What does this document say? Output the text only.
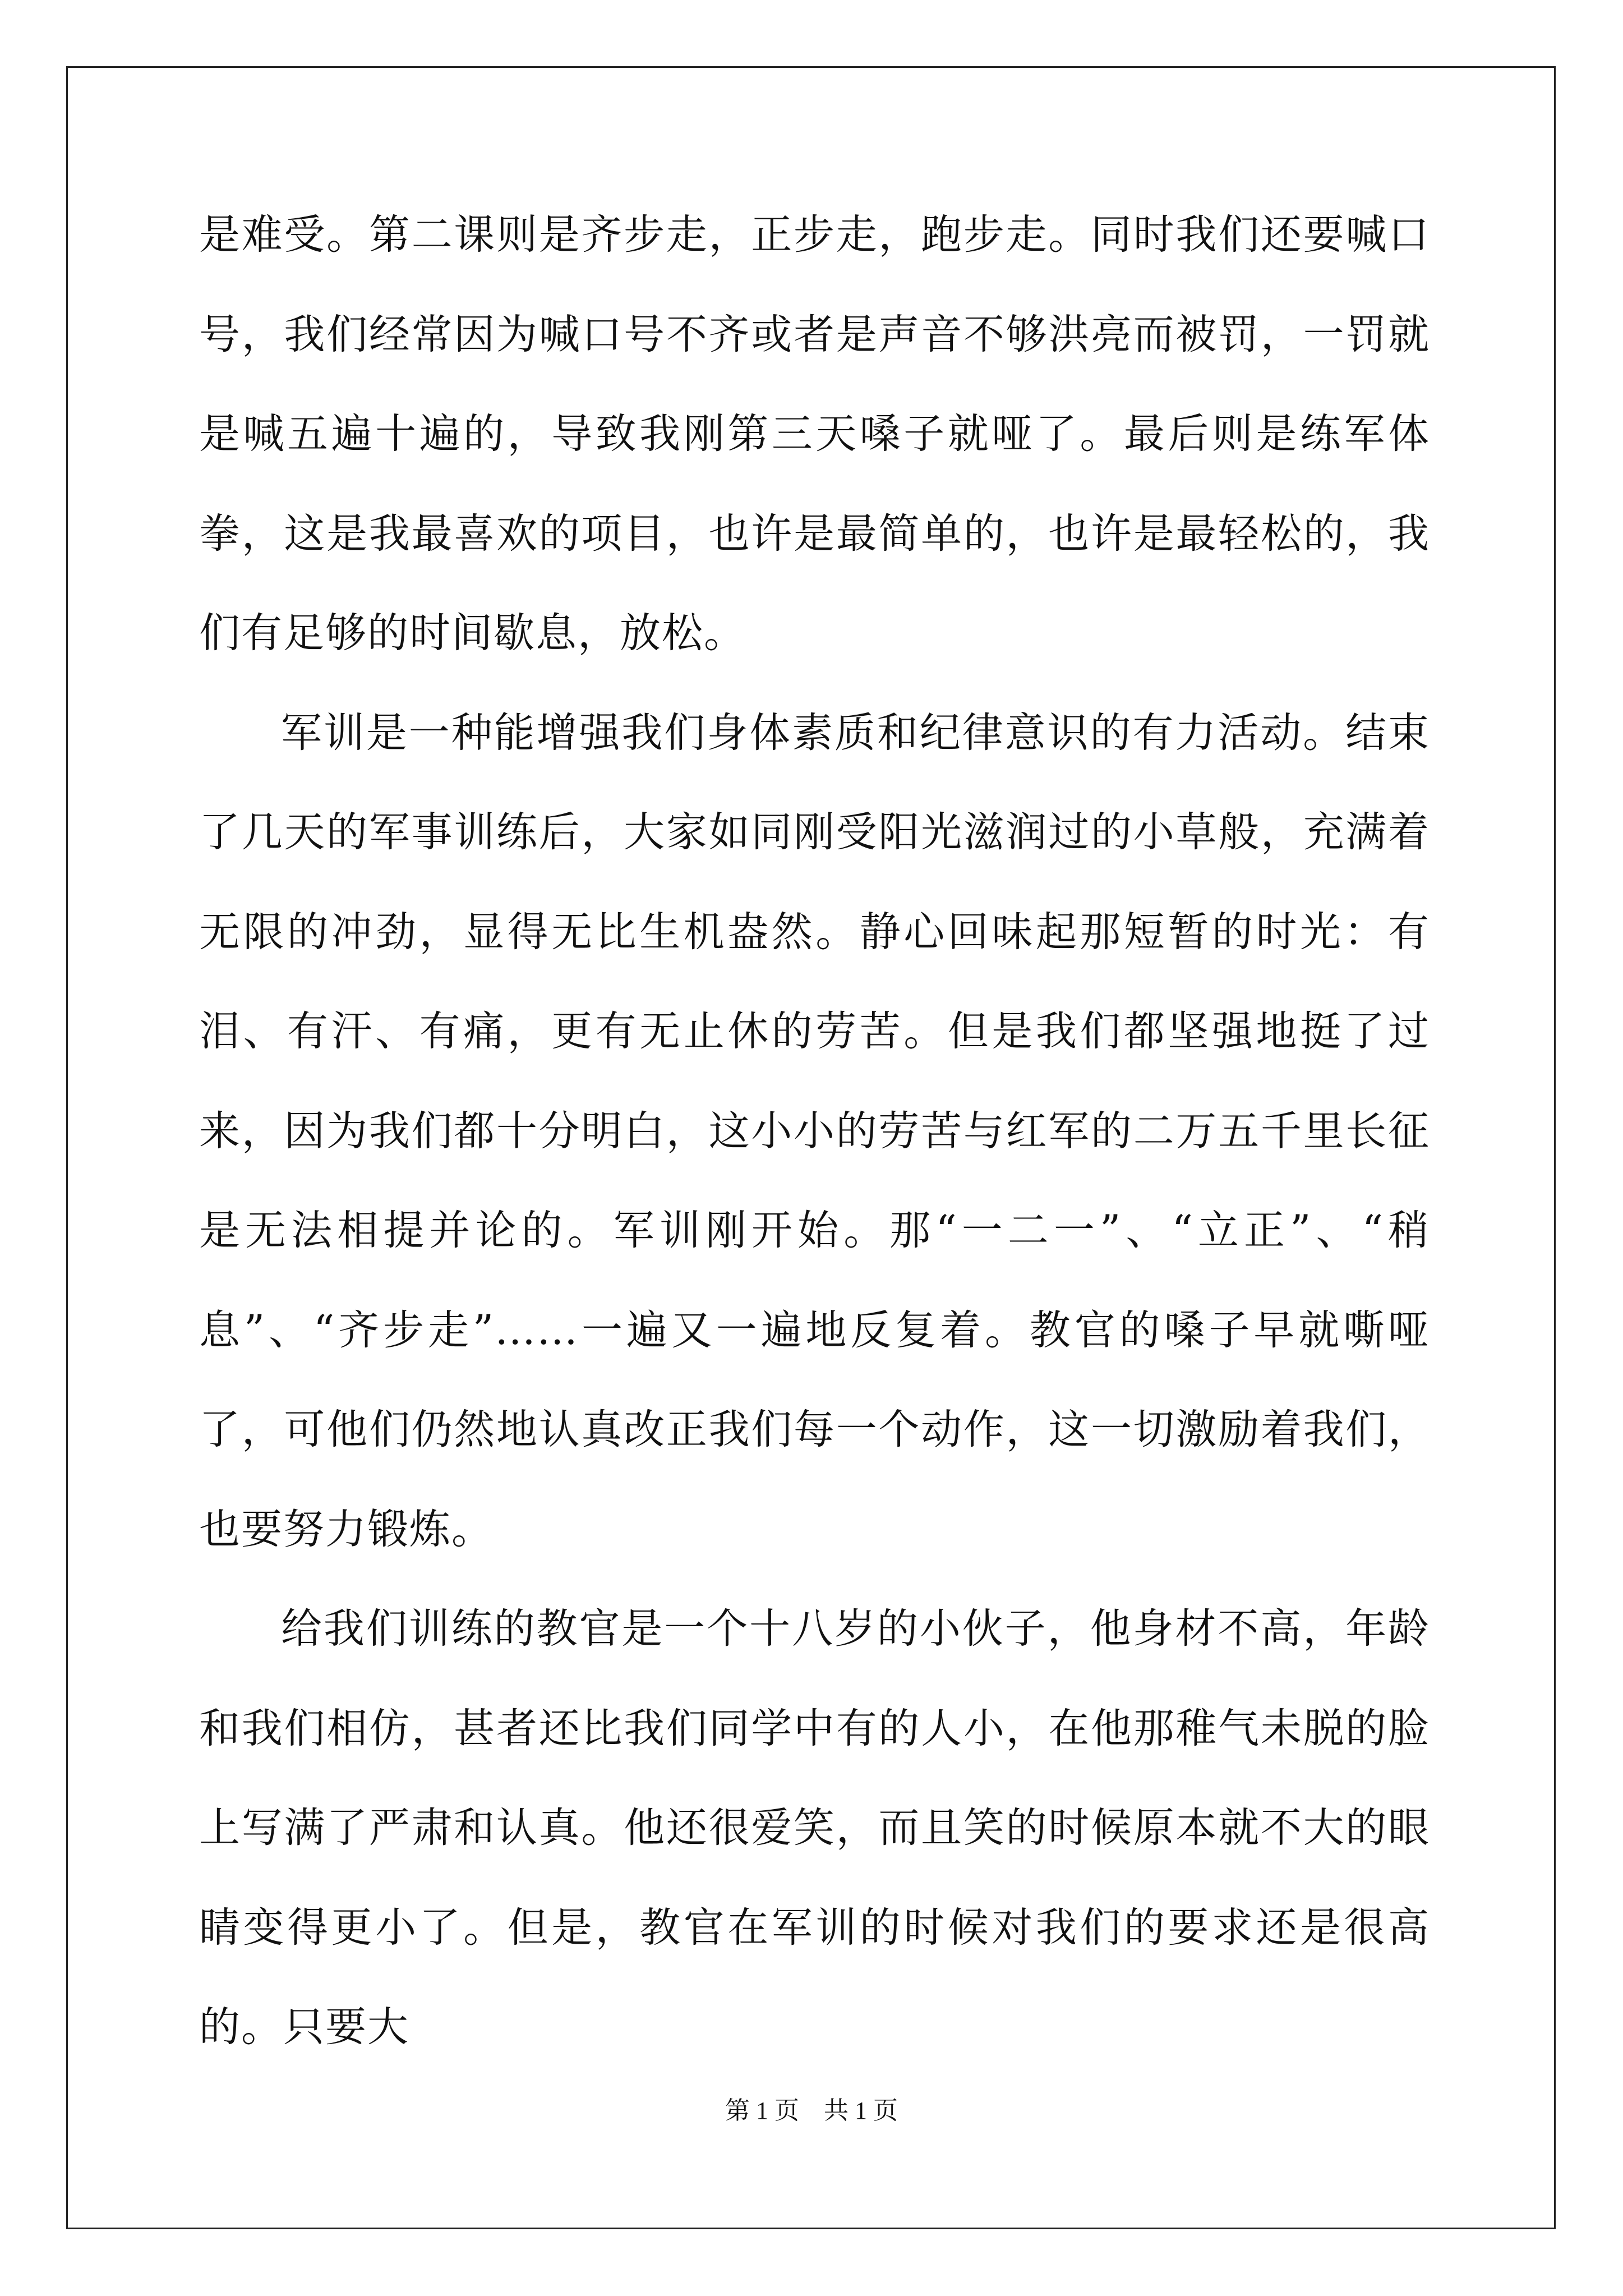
是难受。第二课则是齐步走，正步走，跑步走。同时我们还要喊口号，我们经常因为喊口号不齐或者是声音不够洪亮而被罚，一罚就是喊五遍十遍的，导致我刚第三天嗓子就哑了。最后则是练军体拳，这是我最喜欢的项目，也许是最简单的，也许是最轻松的，我们有足够的时间歇息，放松。

军训是一种能增强我们身体素质和纪律意识的有力活动。结束了几天的军事训练后，大家如同刚受阳光滋润过的小草般，充满着无限的冲劲，显得无比生机盎然。静心回味起那短暂的时光：有泪、有汗、有痛，更有无止休的劳苦。但是我们都坚强地挺了过来，因为我们都十分明白，这小小的劳苦与红军的二万五千里长征是无法相提并论的。军训刚开始。那“一二一”、“立正”、“稍息”、“齐步走”……一遍又一遍地反复着。教官的嗓子早就嘶哑了，可他们仍然地认真改正我们每一个动作，这一切激励着我们，也要努力锻炼。

给我们训练的教官是一个十八岁的小伙子，他身材不高，年龄和我们相仿，甚者还比我们同学中有的人小，在他那稚气未脱的脸上写满了严肃和认真。他还很爱笑，而且笑的时候原本就不大的眼睛变得更小了。但是，教官在军训的时候对我们的要求还是很高的。只要大

第 1 页　共 1 页
